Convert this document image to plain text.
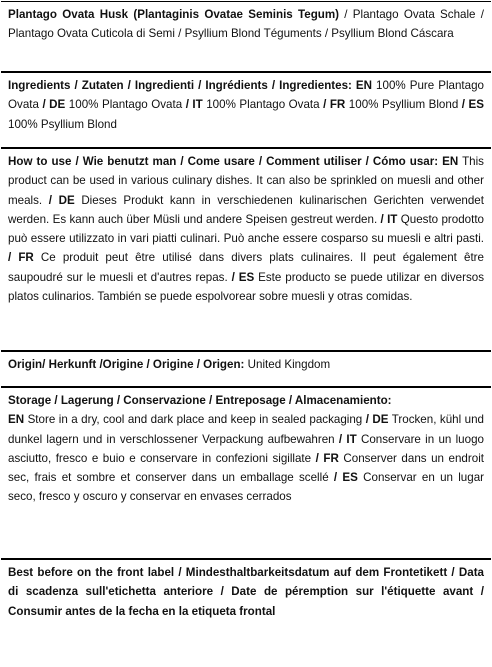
Plantago Ovata Husk (Plantaginis Ovatae Seminis Tegum) / Plantago Ovata Schale / Plantago Ovata Cuticola di Semi / Psyllium Blond Téguments / Psyllium Blond Cáscara
Ingredients / Zutaten / Ingredienti / Ingrédients / Ingredientes: EN 100% Pure Plantago Ovata / DE 100% Plantago Ovata / IT 100% Plantago Ovata / FR 100% Psyllium Blond / ES 100% Psyllium Blond
How to use / Wie benutzt man / Come usare / Comment utiliser / Cómo usar: EN This product can be used in various culinary dishes. It can also be sprinkled on muesli and other meals. / DE Dieses Produkt kann in verschiedenen kulinarischen Gerichten verwendet werden. Es kann auch über Müsli und andere Speisen gestreut werden. / IT Questo prodotto può essere utilizzato in vari piatti culinari. Può anche essere cosparso su muesli e altri pasti. / FR Ce produit peut être utilisé dans divers plats culinaires. Il peut également être saupoudré sur le muesli et d'autres repas. / ES Este producto se puede utilizar en diversos platos culinarios. También se puede espolvorear sobre muesli y otras comidas.
Origin/ Herkunft /Origine / Origine / Origen: United Kingdom
Storage / Lagerung / Conservazione / Entreposage / Almacenamiento:
EN Store in a dry, cool and dark place and keep in sealed packaging / DE Trocken, kühl und dunkel lagern und in verschlossener Verpackung aufbewahren / IT Conservare in un luogo asciutto, fresco e buio e conservare in confezioni sigillate / FR Conserver dans un endroit sec, frais et sombre et conserver dans un emballage scellé / ES Conservar en un lugar seco, fresco y oscuro y conservar en envases cerrados
Best before on the front label / Mindesthaltbarkeitsdatum auf dem Frontetikett / Data di scadenza sull'etichetta anteriore / Date de péremption sur l'étiquette avant / Consumir antes de la fecha en la etiqueta frontal
